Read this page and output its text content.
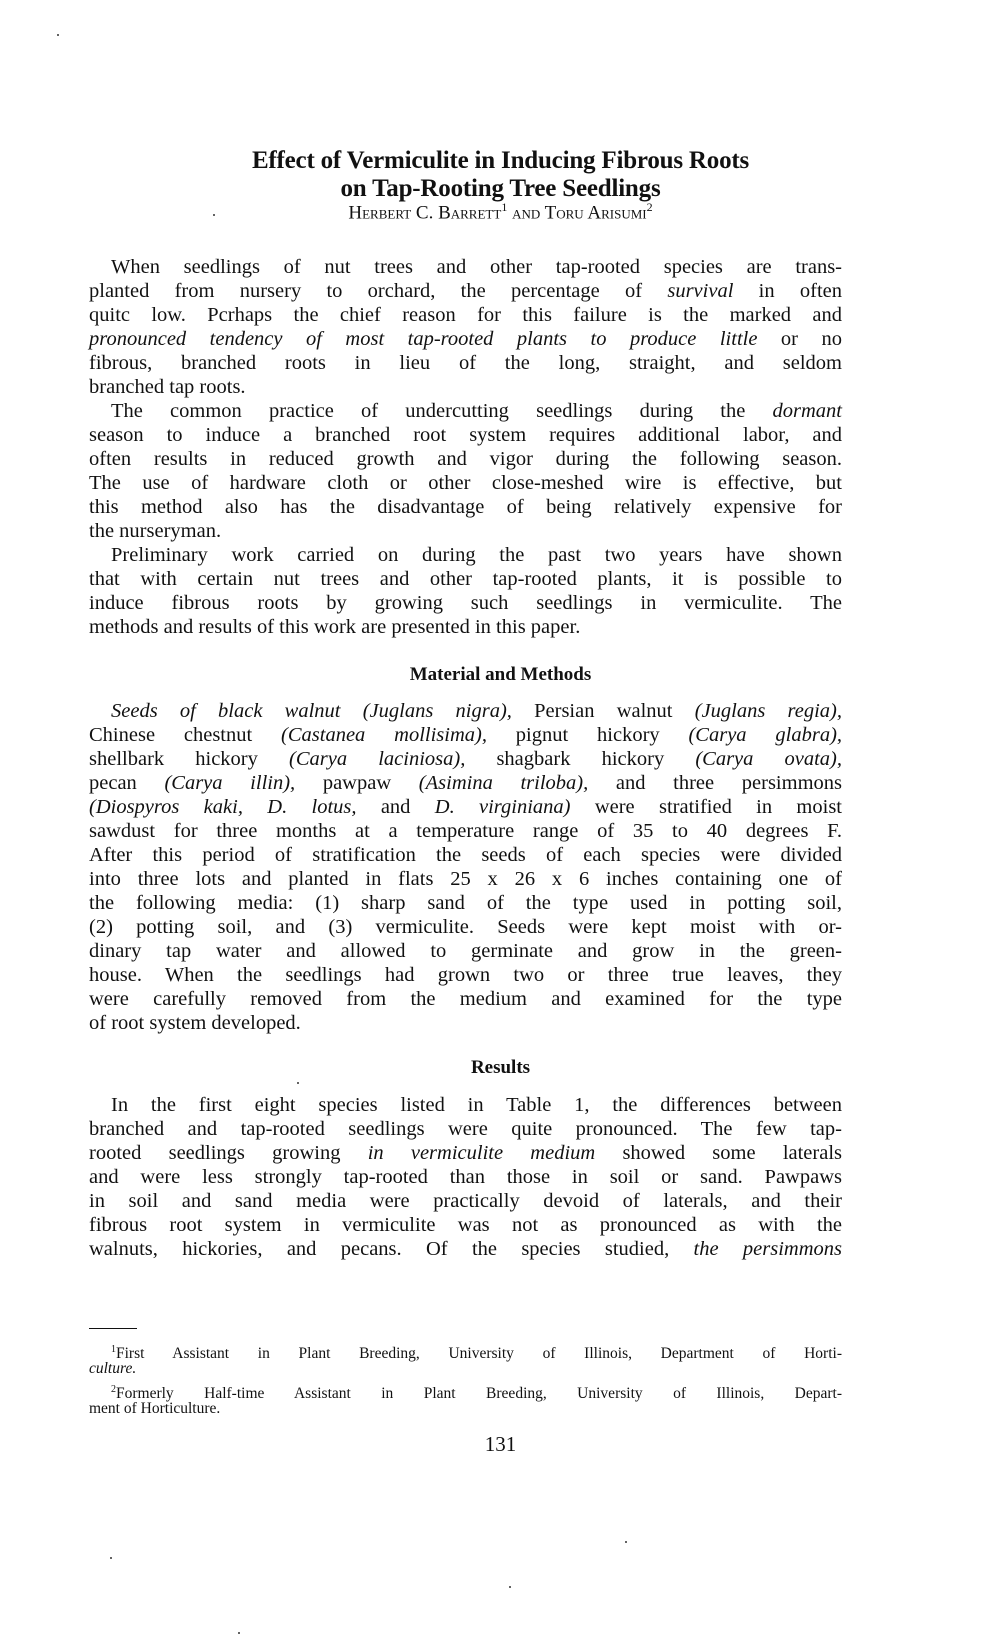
Effect of Vermiculite in Inducing Fibrous Roots
on Tap-Rooting Tree Seedlings
Herbert C. Barrett$^1$ and Toru Arisumi$^2$
When seedlings of nut trees and other tap-rooted species are trans-
planted from nursery to orchard, the percentage of survival in often
quitc low. Pcrhaps the chief reason for this failure is the marked and
pronounced tendency of most tap-rooted plants to produce little or no
fibrous, branched roots in lieu of the long, straight, and seldom
branched tap roots.
The common practice of undercutting seedlings during the dormant
season to induce a branched root system requires additional labor, and
often results in reduced growth and vigor during the following season.
The use of hardware cloth or other close-meshed wire is effective, but
this method also has the disadvantage of being relatively expensive for
the nurseryman.
Preliminary work carried on during the past two years have shown
that with certain nut trees and other tap-rooted plants, it is possible to
induce fibrous roots by growing such seedlings in vermiculite. The
methods and results of this work are presented in this paper.
Material and Methods
Seeds of black walnut (Juglans nigra), Persian walnut (Juglans regia),
Chinese chestnut (Castanea mollisima), pignut hickory (Carya glabra),
shellbark hickory (Carya laciniosa), shagbark hickory (Carya ovata),
pecan (Carya illin), pawpaw (Asimina triloba), and three persimmons
(Diospyros kaki, D. lotus, and D. virginiana) were stratified in moist
sawdust for three months at a temperature range of 35 to 40 degrees F.
After this period of stratification the seeds of each species were divided
into three lots and planted in flats 25 x 26 x 6 inches containing one of
the following media: (1) sharp sand of the type used in potting soil,
(2) potting soil, and (3) vermiculite. Seeds were kept moist with or-
dinary tap water and allowed to germinate and grow in the green-
house. When the seedlings had grown two or three true leaves, they
were carefully removed from the medium and examined for the type
of root system developed.
Results
In the first eight species listed in Table 1, the differences between
branched and tap-rooted seedlings were quite pronounced. The few tap-
rooted seedlings growing in vermiculite medium showed some laterals
and were less strongly tap-rooted than those in soil or sand. Pawpaws
in soil and sand media were practically devoid of laterals, and their
fibrous root system in vermiculite was not as pronounced as with the
walnuts, hickories, and pecans. Of the species studied, the persimmons
$^1$First Assistant in Plant Breeding, University of Illinois, Department of Horti-
culture.
$^2$Formerly Half-time Assistant in Plant Breeding, University of Illinois, Depart-
ment of Horticulture.
131
